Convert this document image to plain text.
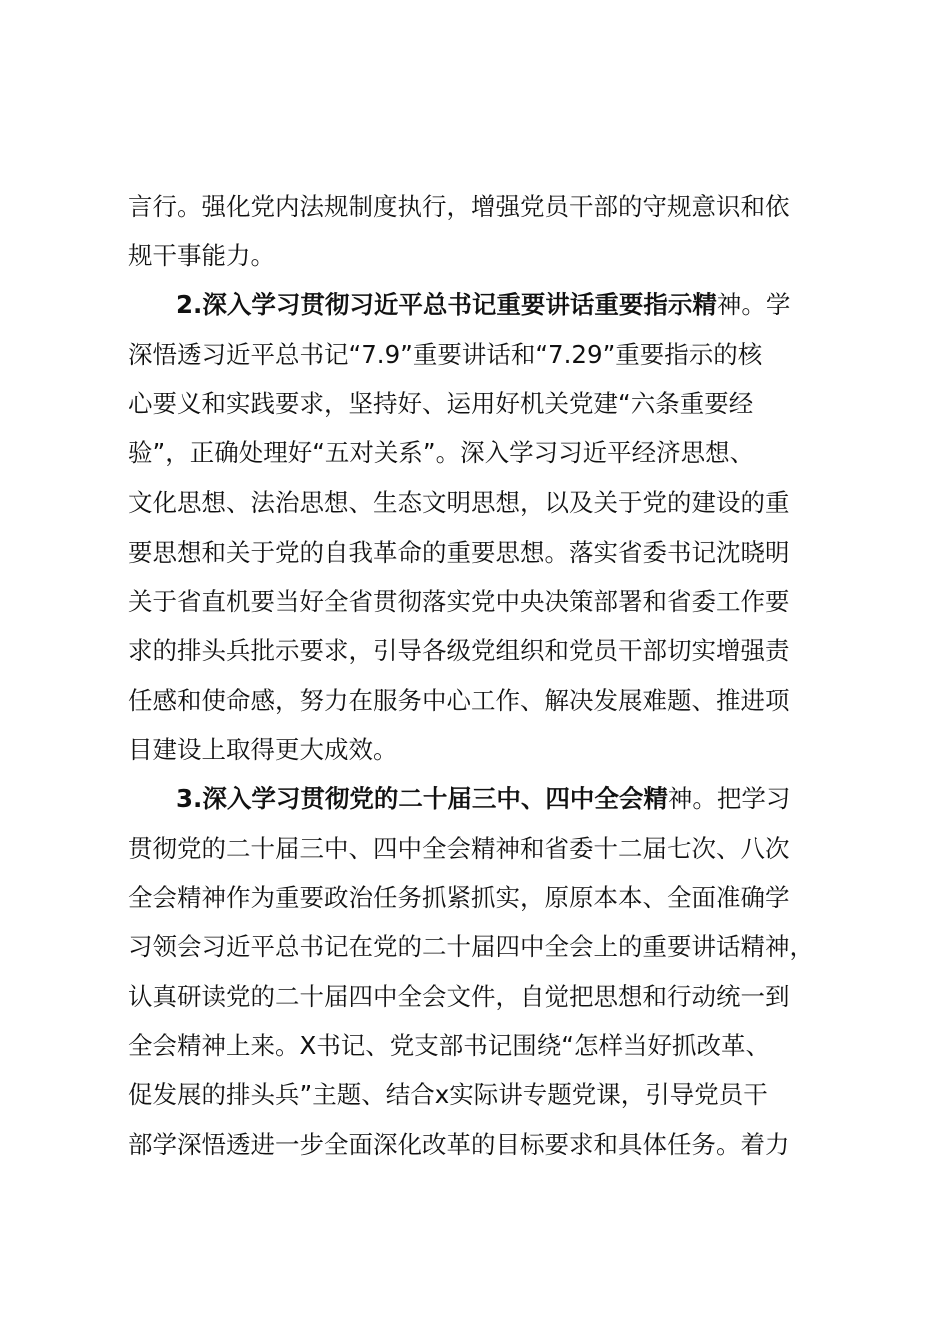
言行。强化党内法规制度执行，增强党员干部的守规意识和依
规干事能力。
2.深入学习贯彻习近平总书记重要讲话重要指示精神。学
深悟透习近平总书记“7.9”重要讲话和“7.29”重要指示的核
心要义和实践要求，坚持好、运用好机关党建“六条重要经
验”，正确处理好“五对关系”。深入学习习近平经济思想、
文化思想、法治思想、生态文明思想，以及关于党的建设的重
要思想和关于党的自我革命的重要思想。落实省委书记沈晓明
关于省直机要当好全省贯彻落实党中央决策部署和省委工作要
求的排头兵批示要求，引导各级党组织和党员干部切实增强责
任感和使命感，努力在服务中心工作、解决发展难题、推进项
目建设上取得更大成效。
3.深入学习贯彻党的二十届三中、四中全会精神。把学习
贯彻党的二十届三中、四中全会精神和省委十二届七次、八次
全会精神作为重要政治任务抓紧抓实，原原本本、全面准确学
习领会习近平总书记在党的二十届四中全会上的重要讲话精神，
认真研读党的二十届四中全会文件，自觉把思想和行动统一到
全会精神上来。X书记、党支部书记围绕“怎样当好抓改革、
促发展的排头兵”主题、结合x实际讲专题党课，引导党员干
部学深悟透进一步全面深化改革的目标要求和具体任务。着力
